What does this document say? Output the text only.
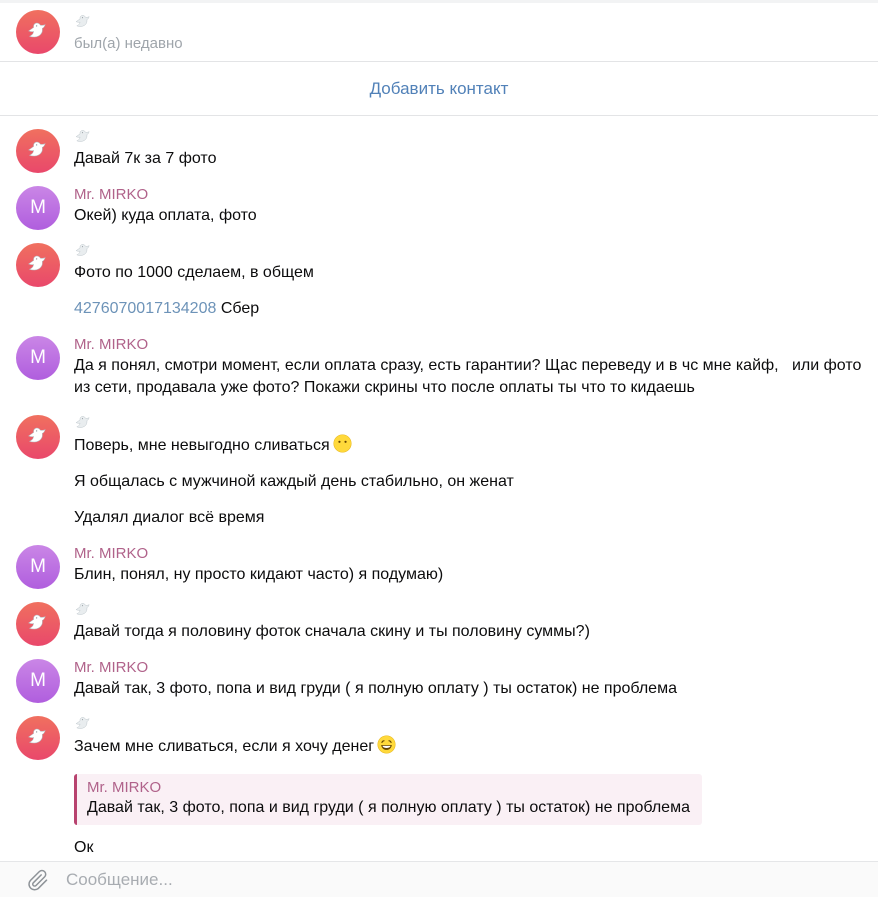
был(а) недавно
Добавить контакт
Давай 7к за 7 фото
M
Mr. MIRKO
Окей) куда оплата, фото
Фото по 1000 сделаем, в общем
4276070017134208 Сбер
M
Mr. MIRKO
Да я понял, смотри момент, если оплата сразу, есть гарантии? Щас переведу и в чс мне кайф,   или фото из сети, продавала уже фото? Покажи скрины что после оплаты ты что то кидаешь
Поверь, мне невыгодно сливаться
Я общалась с мужчиной каждый день стабильно, он женат
Удалял диалог всё время
M
Mr. MIRKO
Блин, понял, ну просто кидают часто) я подумаю)
Давай тогда я половину фоток сначала скину и ты половину суммы?)
M
Mr. MIRKO
Давай так, 3 фото, попа и вид груди ( я полную оплату ) ты остаток) не проблема
Зачем мне сливаться, если я хочу денег
Mr. MIRKO
Давай так, 3 фото, попа и вид груди ( я полную оплату ) ты остаток) не проблема
Ок
Сообщение...
